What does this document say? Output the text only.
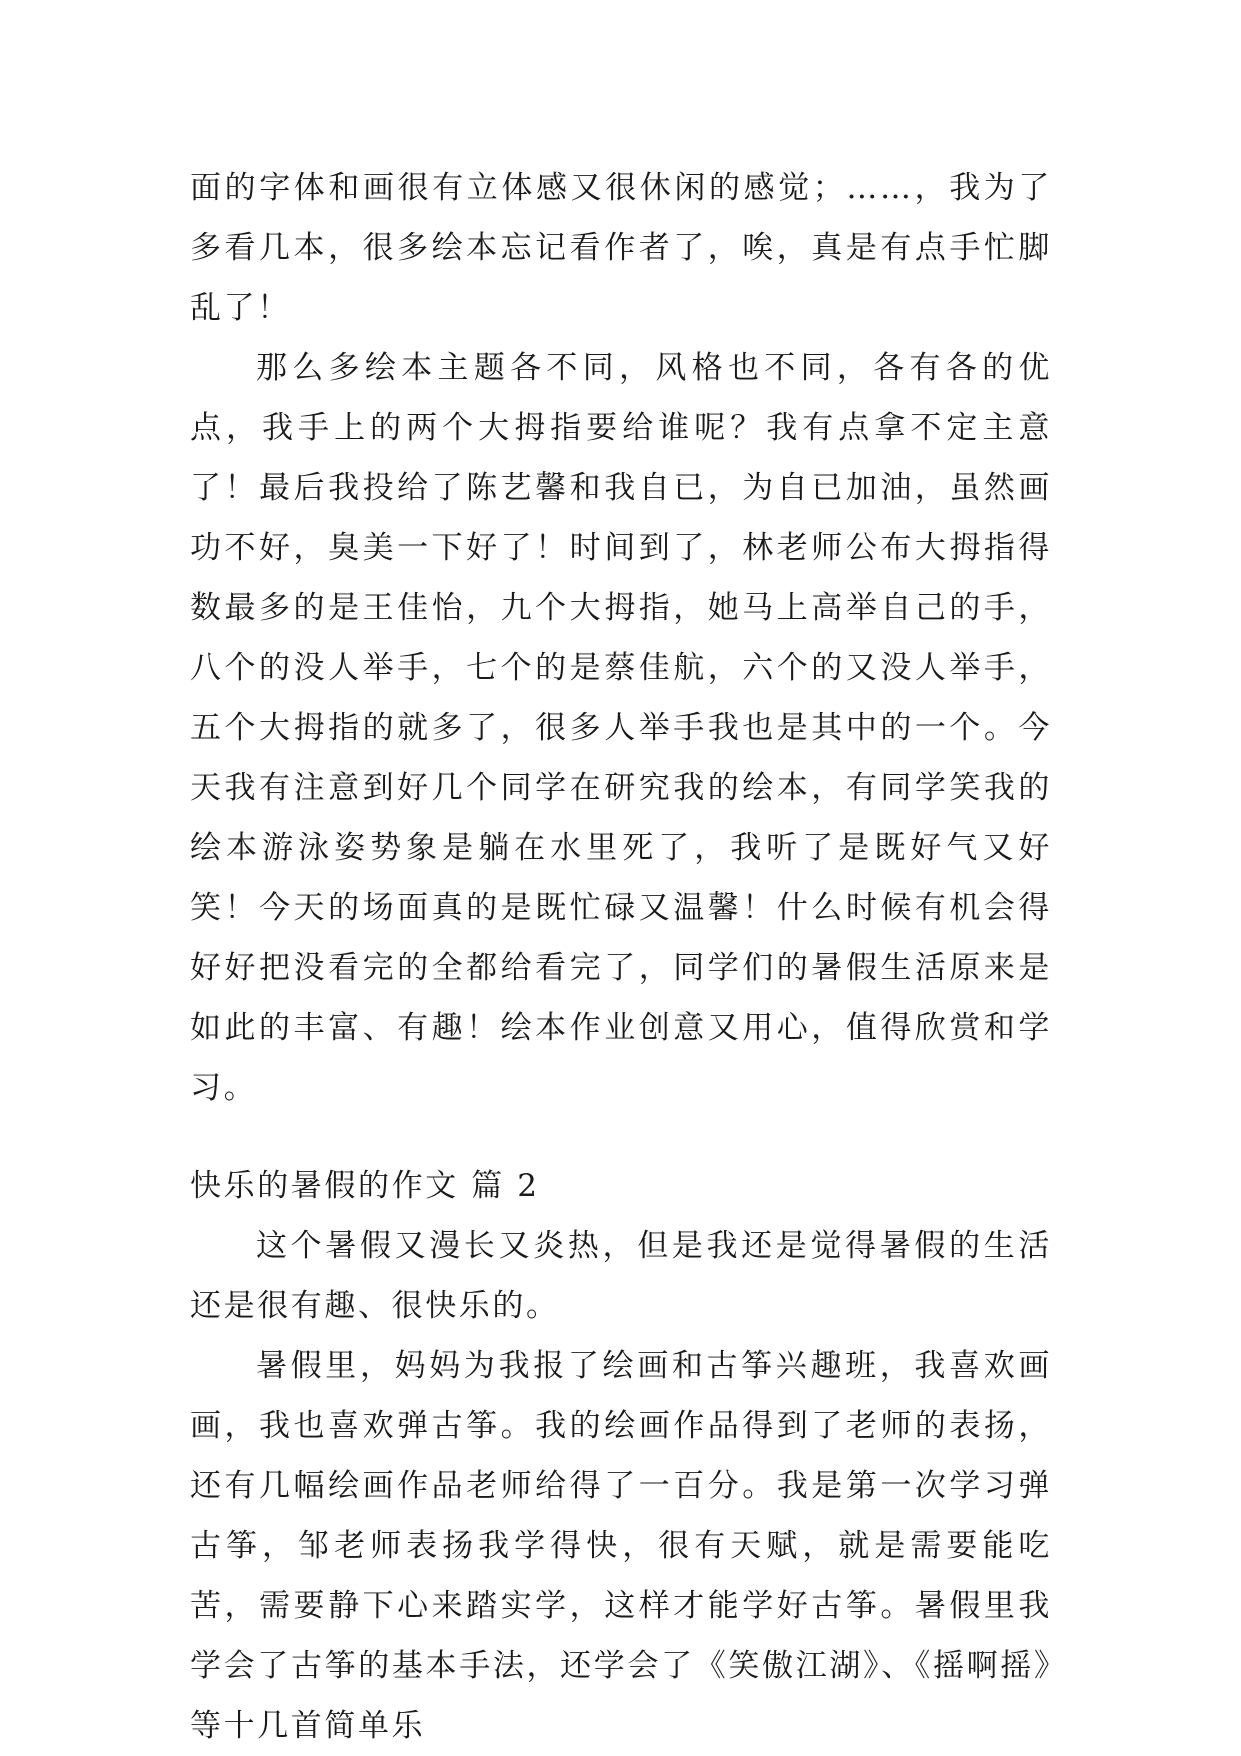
面的字体和画很有立体感又很休闲的感觉；……，我为了多看几本，很多绘本忘记看作者了，唉，真是有点手忙脚乱了！

那么多绘本主题各不同，风格也不同，各有各的优点，我手上的两个大拇指要给谁呢？我有点拿不定主意了！最后我投给了陈艺馨和我自已，为自已加油，虽然画功不好，臭美一下好了！时间到了，林老师公布大拇指得数最多的是王佳怡，九个大拇指，她马上高举自己的手，八个的没人举手，七个的是蔡佳航，六个的又没人举手，五个大拇指的就多了，很多人举手我也是其中的一个。今天我有注意到好几个同学在研究我的绘本，有同学笑我的绘本游泳姿势象是躺在水里死了，我听了是既好气又好笑！今天的场面真的是既忙碌又温馨！什么时候有机会得好好把没看完的全都给看完了，同学们的暑假生活原来是如此的丰富、有趣！绘本作业创意又用心，值得欣赏和学习。

快乐的暑假的作文 篇 2

这个暑假又漫长又炎热，但是我还是觉得暑假的生活还是很有趣、很快乐的。

暑假里，妈妈为我报了绘画和古筝兴趣班，我喜欢画画，我也喜欢弹古筝。我的绘画作品得到了老师的表扬，还有几幅绘画作品老师给得了一百分。我是第一次学习弹古筝，邹老师表扬我学得快，很有天赋，就是需要能吃苦，需要静下心来踏实学，这样才能学好古筝。暑假里我学会了古筝的基本手法，还学会了《笑傲江湖》、《摇啊摇》等十几首简单乐
